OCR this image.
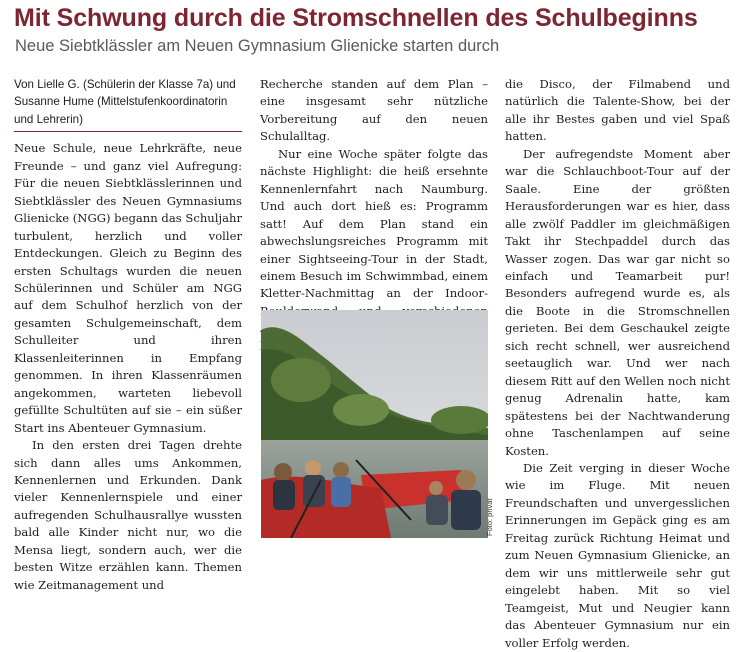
Mit Schwung durch die Stromschnellen des Schulbeginns
Neue Siebtklässler am Neuen Gymnasium Glienicke starten durch

Von Lielle G. (Schülerin der Klasse 7a) und Susanne Hume (Mittelstufenkoordinatorin und Lehrerin)

Neue Schule, neue Lehrkräfte, neue Freunde – und ganz viel Aufregung: Für die neuen Siebtklässlerinnen und Siebtklässler des Neuen Gymnasiums Glienicke (NGG) begann das Schuljahr turbulent, herzlich und voller Entdeckungen. Gleich zu Beginn des ersten Schultags wurden die neuen Schülerinnen und Schüler am NGG auf dem Schulhof herzlich von der gesamten Schulgemeinschaft, dem Schulleiter und ihren Klassenleiterinnen in Empfang genommen. In ihren Klassenräumen angekommen, warteten liebevoll gefüllte Schultüten auf sie – ein süßer Start ins Abenteuer Gymnasium.

In den ersten drei Tagen drehte sich dann alles ums Ankommen, Kennenlernen und Erkunden. Dank vieler Kennenlernspiele und einer aufregenden Schulhausrallye wussten bald alle Kinder nicht nur, wo die Mensa liegt, sondern auch, wer die besten Witze erzählen kann. Themen wie Zeitmanagement und

Recherche standen auf dem Plan – eine insgesamt sehr nützliche Vorbereitung auf den neuen Schulalltag.

Nur eine Woche später folgte das nächste Highlight: die heiß ersehnte Kennenlernfahrt nach Naumburg. Und auch dort hieß es: Programm satt! Auf dem Plan stand ein abwechslungsreiches Programm mit einer Sightseeing-Tour in der Stadt, einem Besuch im Schwimmbad, einem Kletter-Nachmittag an der Indoor-

Foto: privat

die Disco, der Filmabend und natürlich die Talente-Show, bei der alle ihr Bestes gaben und viel Spaß hatten.

Der aufregendste Moment aber war die Schlauchboot-Tour auf der Saale. Eine der größten Herausforderungen war es hier, dass alle zwölf Paddler im gleichmäßigen Takt ihr Stechpaddel durch das Wasser zogen. Das war gar nicht so einfach und Teamarbeit pur! Besonders aufregend wurde es, als die Boote in die Stromschnellen gerieten. Bei dem Geschaukel zeigte sich recht schnell, wer ausreichend seetauglich war. Und wer nach diesem Ritt auf den Wellen noch nicht genug Adrenalin hatte, kam spätestens bei der Nachtwanderung ohne Taschenlampen auf seine Kosten.

Die Zeit verging in dieser Woche wie im Fluge. Mit neuen Freundschaften und unvergesslichen Erinnerungen im Gepäck ging es am Freitag zurück Richtung Heimat und zum Neuen Gymnasium Glienicke, an dem wir uns mittlerweile sehr gut eingelebt haben. Mit so viel Teamgeist, Mut und Neugier kann das Abenteuer Gymnasium nur ein voller Erfolg werden.
